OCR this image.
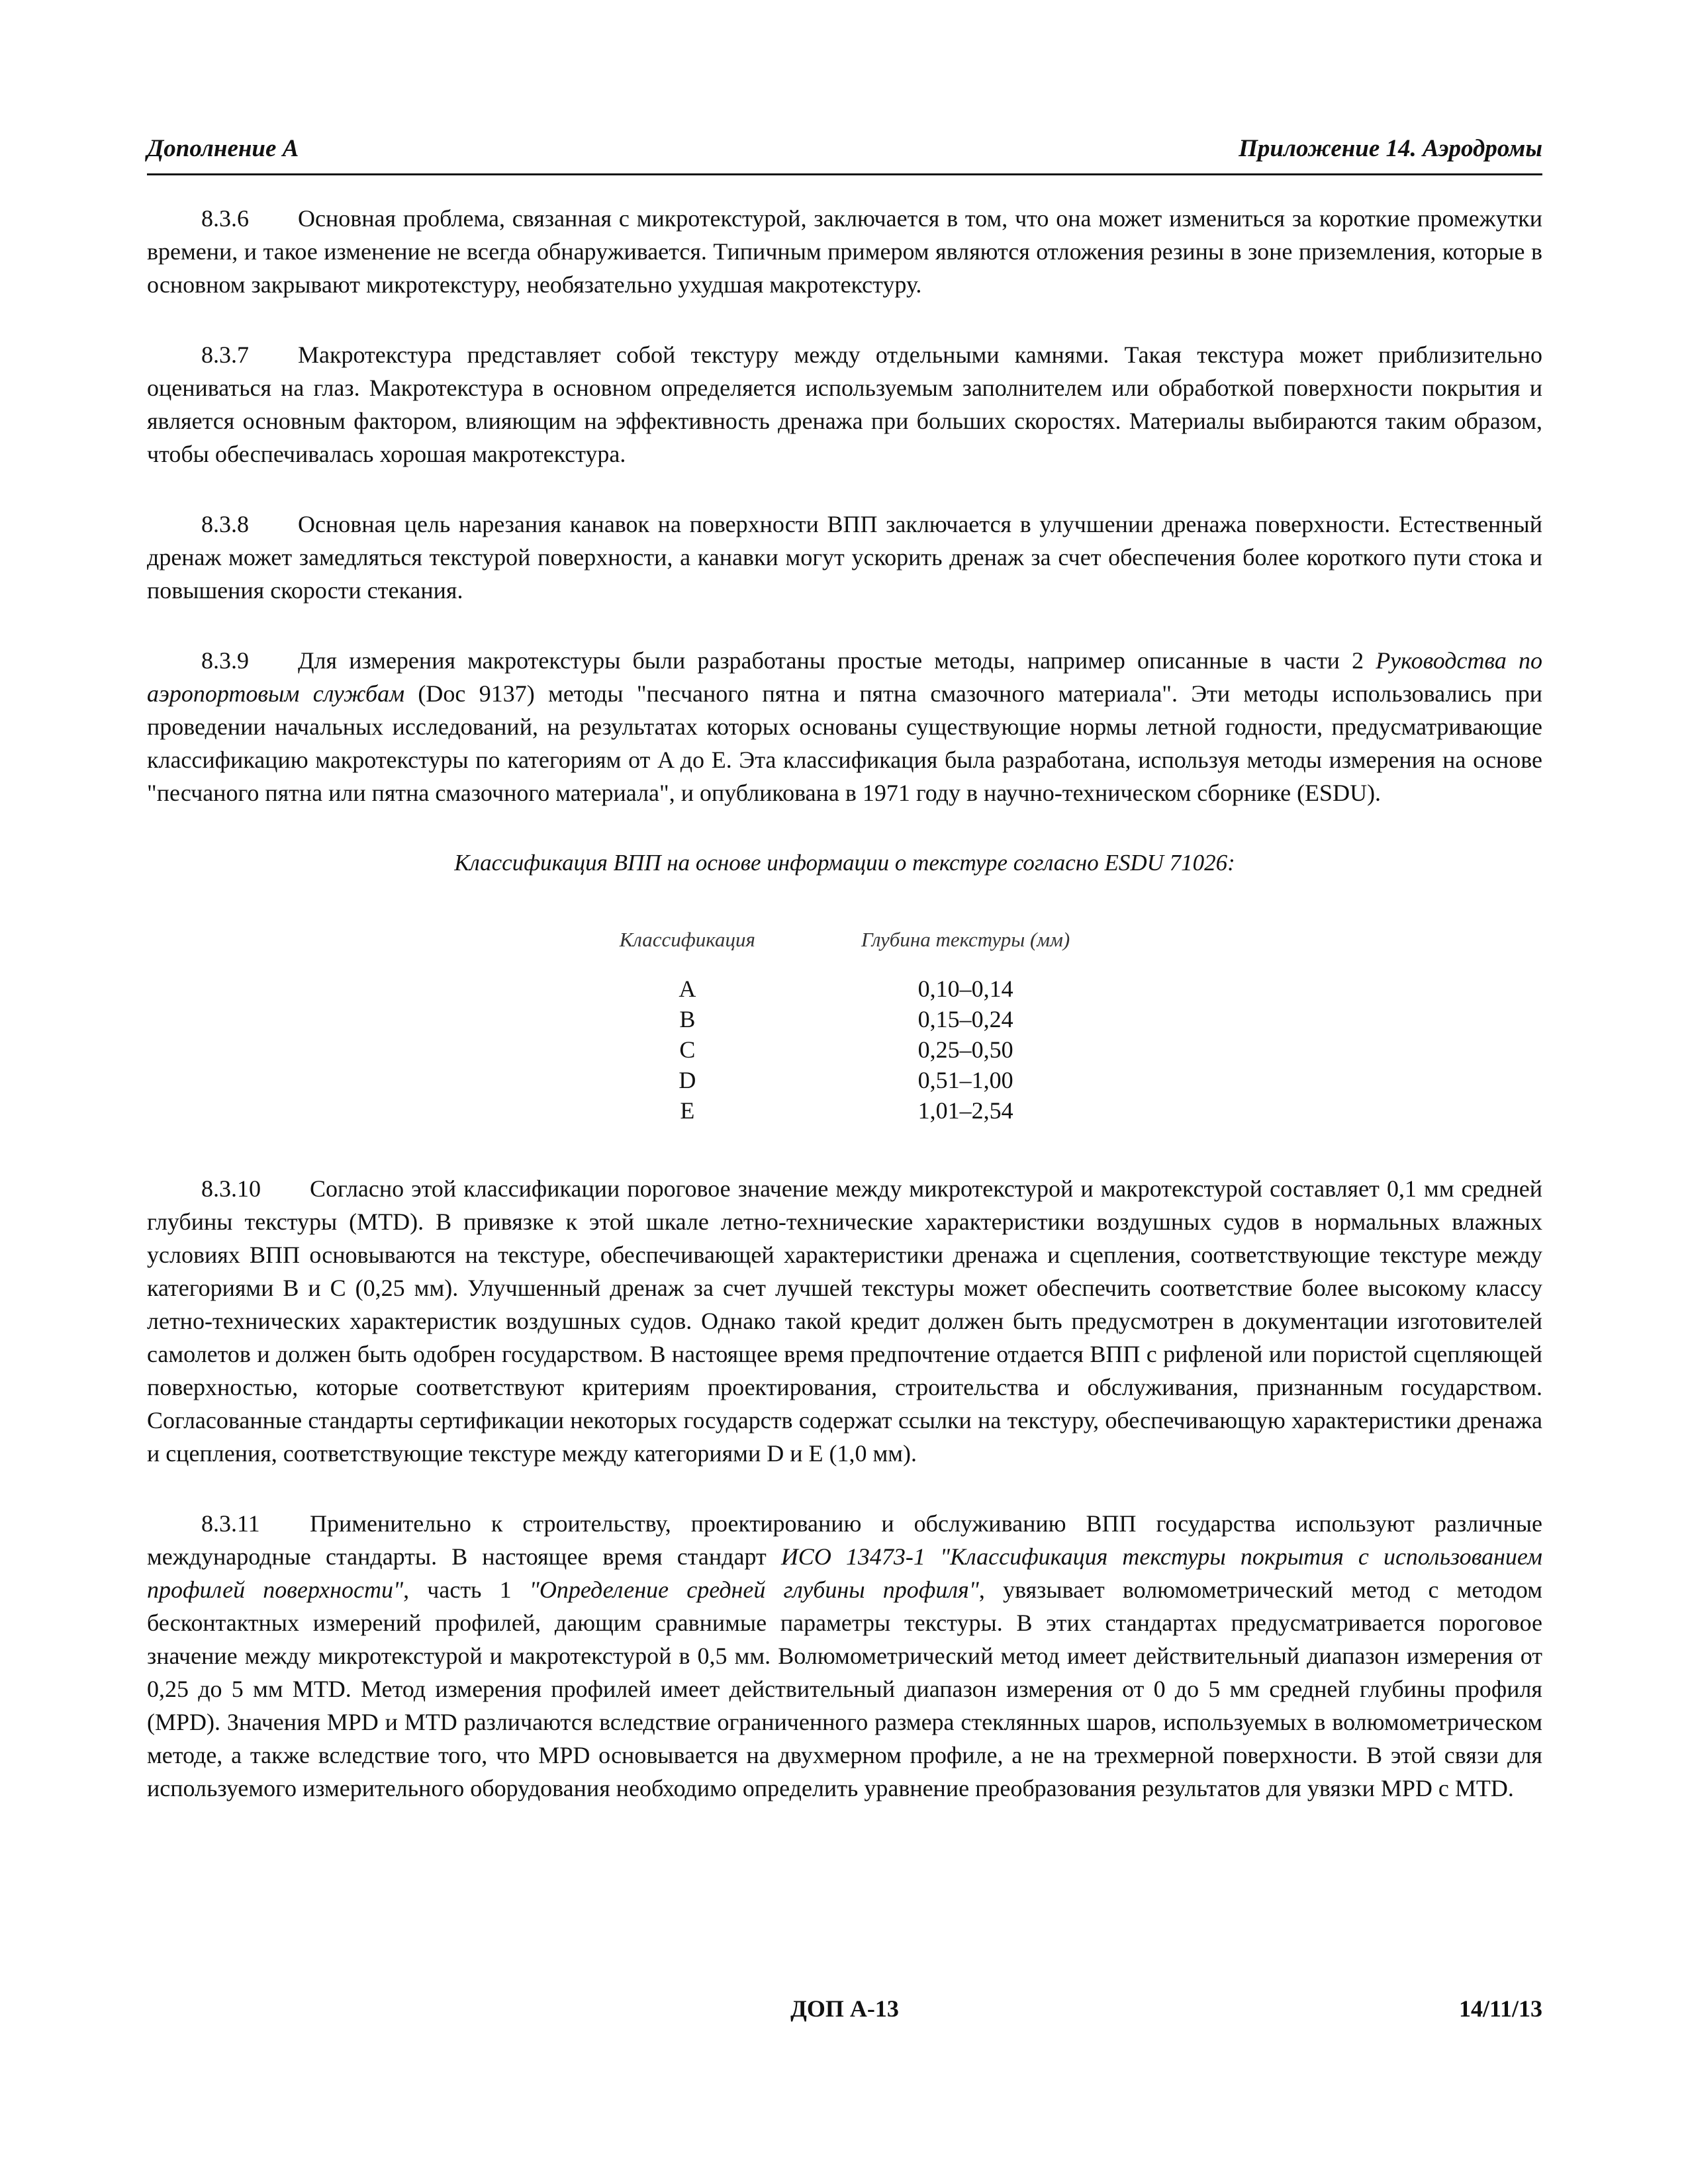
Дополнение A	Приложение 14. Аэродромы

8.3.6 Основная проблема, связанная с микротекстурой, заключается в том, что она может измениться за короткие промежутки времени, и такое изменение не всегда обнаруживается. Типичным примером являются отложения резины в зоне приземления, которые в основном закрывают микротекстуру, необязательно ухудшая макротекстуру.

8.3.7 Макротекстура представляет собой текстуру между отдельными камнями. Такая текстура может приблизительно оцениваться на глаз. Макротекстура в основном определяется используемым заполнителем или обработкой поверхности покрытия и является основным фактором, влияющим на эффективность дренажа при больших скоростях. Материалы выбираются таким образом, чтобы обеспечивалась хорошая макротекстура.

8.3.8 Основная цель нарезания канавок на поверхности ВПП заключается в улучшении дренажа поверхности. Естественный дренаж может замедляться текстурой поверхности, а канавки могут ускорить дренаж за счет обеспечения более короткого пути стока и повышения скорости стекания.

8.3.9 Для измерения макротекстуры были разработаны простые методы, например описанные в части 2 Руководства по аэропортовым службам (Doc 9137) методы "песчаного пятна и пятна смазочного материала". Эти методы использовались при проведении начальных исследований, на результатах которых основаны существующие нормы летной годности, предусматривающие классификацию макротекстуры по категориям от A до E. Эта классификация была разработана, используя методы измерения на основе "песчаного пятна или пятна смазочного материала", и опубликована в 1971 году в научно-техническом сборнике (ESDU).

Классификация ВПП на основе информации о текстуре согласно ESDU 71026:
Классификация	Глубина текстуры (мм)
A	0,10–0,14
B	0,15–0,24
C	0,25–0,50
D	0,51–1,00
E	1,01–2,54

8.3.10 Согласно этой классификации пороговое значение между микротекстурой и макротекстурой составляет 0,1 мм средней глубины текстуры (MTD). В привязке к этой шкале летно-технические характеристики воздушных судов в нормальных влажных условиях ВПП основываются на текстуре, обеспечивающей характеристики дренажа и сцепления, соответствующие текстуре между категориями B и C (0,25 мм). Улучшенный дренаж за счет лучшей текстуры может обеспечить соответствие более высокому классу летно-технических характеристик воздушных судов. Однако такой кредит должен быть предусмотрен в документации изготовителей самолетов и должен быть одобрен государством. В настоящее время предпочтение отдается ВПП с рифленой или пористой сцепляющей поверхностью, которые соответствуют критериям проектирования, строительства и обслуживания, признанным государством. Согласованные стандарты сертификации некоторых государств содержат ссылки на текстуру, обеспечивающую характеристики дренажа и сцепления, соответствующие текстуре между категориями D и E (1,0 мм).

8.3.11 Применительно к строительству, проектированию и обслуживанию ВПП государства используют различные международные стандарты. В настоящее время стандарт ИСО 13473-1 "Классификация текстуры покрытия с использованием профилей поверхности", часть 1 "Определение средней глубины профиля", увязывает волюмометрический метод с методом бесконтактных измерений профилей, дающим сравнимые параметры текстуры. В этих стандартах предусматривается пороговое значение между микротекстурой и макротекстурой в 0,5 мм. Волюмометрический метод имеет действительный диапазон измерения от 0,25 до 5 мм MTD. Метод измерения профилей имеет действительный диапазон измерения от 0 до 5 мм средней глубины профиля (MPD). Значения MPD и MTD различаются вследствие ограниченного размера стеклянных шаров, используемых в волюмометрическом методе, а также вследствие того, что MPD основывается на двухмерном профиле, а не на трехмерной поверхности. В этой связи для используемого измерительного оборудования необходимо определить уравнение преобразования результатов для увязки MPD с MTD.

ДОП A-13	14/11/13
